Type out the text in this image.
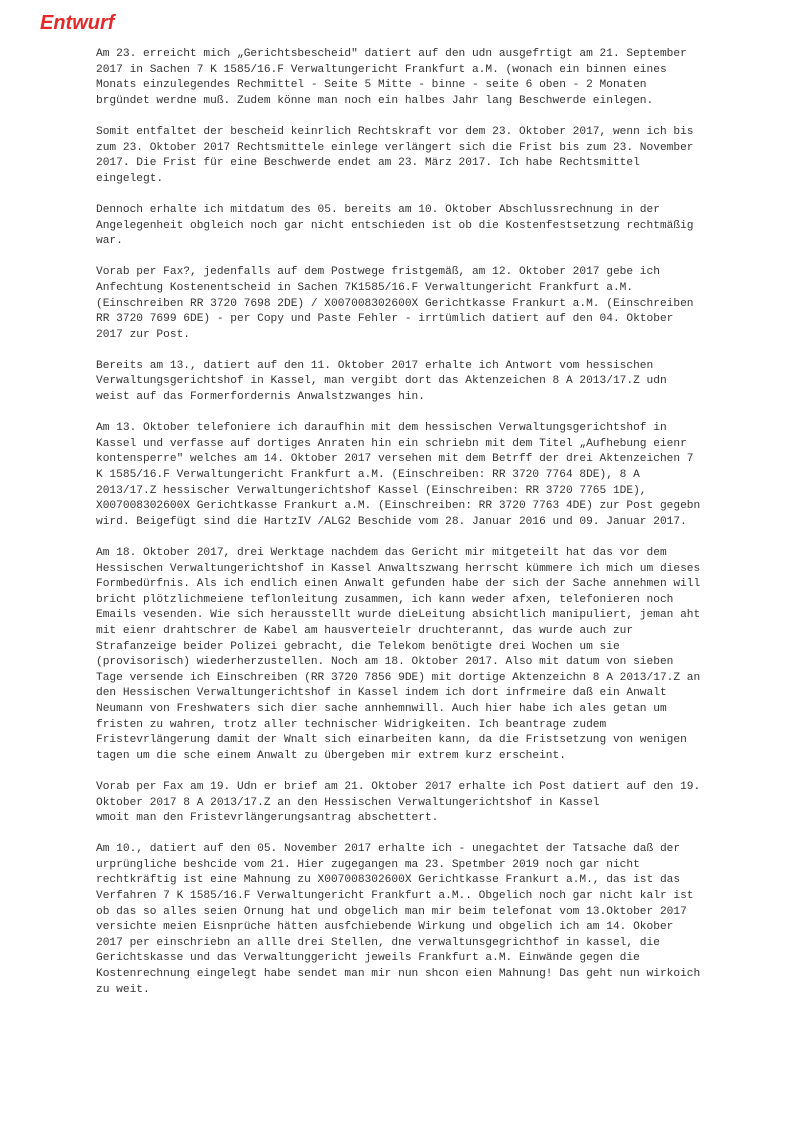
Entwurf

Am 23. erreicht mich „Gerichtsbescheid" datiert auf den udn ausgefrtigt am 21. September
2017 in Sachen 7 K 1585/16.F Verwaltungericht Frankfurt a.M. (wonach ein binnen eines
Monats einzulegendes Rechmittel - Seite 5 Mitte - binne - seite 6 oben - 2 Monaten
brgündet werdne muß. Zudem könne man noch ein halbes Jahr lang Beschwerde einlegen.

Somit entfaltet der bescheid keinrlich Rechtskraft vor dem 23. Oktober 2017, wenn ich bis
zum 23. Oktober 2017 Rechtsmittele einlege verlängert sich die Frist bis zum 23. November
2017. Die Frist für eine Beschwerde endet am 23. März 2017. Ich habe Rechtsmittel
eingelegt.

Dennoch erhalte ich mitdatum des 05. bereits am 10. Oktober Abschlussrechnung in der
Angelegenheit obgleich noch gar nicht entschieden ist ob die Kostenfestsetzung rechtmäßig
war.

Vorab per Fax?, jedenfalls auf dem Postwege fristgemäß, am 12. Oktober 2017 gebe ich
Anfechtung Kostenentscheid in Sachen 7K1585/16.F Verwaltungericht Frankfurt a.M.
(Einschreiben RR 3720 7698 2DE) / X007008302600X Gerichtkasse Frankurt a.M. (Einschreiben
RR 3720 7699 6DE) - per Copy und Paste Fehler - irrtümlich datiert auf den 04. Oktober
2017 zur Post.

Bereits am 13., datiert auf den 11. Oktober 2017 erhalte ich Antwort vom hessischen
Verwaltungsgerichtshof in Kassel, man vergibt dort das Aktenzeichen 8 A 2013/17.Z udn
weist auf das Formerfordernis Anwalstzwanges hin.

Am 13. Oktober telefoniere ich daraufhin mit dem hessischen Verwaltungsgerichtshof in
Kassel und verfasse auf dortiges Anraten hin ein schriebn mit dem Titel „Aufhebung eienr
kontensperre" welches am 14. Oktober 2017 versehen mit dem Betrff der drei Aktenzeichen 7
K 1585/16.F Verwaltungericht Frankfurt a.M. (Einschreiben: RR 3720 7764 8DE), 8 A
2013/17.Z hessischer Verwaltungerichtshof Kassel (Einschreiben: RR 3720 7765 1DE),
X007008302600X Gerichtkasse Frankurt a.M. (Einschreiben: RR 3720 7763 4DE) zur Post gegebn
wird. Beigefügt sind die HartzIV /ALG2 Beschide vom 28. Januar 2016 und 09. Januar 2017.

Am 18. Oktober 2017, drei Werktage nachdem das Gericht mir mitgeteilt hat das vor dem
Hessischen Verwaltungerichtshof in Kassel Anwaltszwang herrscht kümmere ich mich um dieses
Formbedürfnis. Als ich endlich einen Anwalt gefunden habe der sich der Sache annehmen will
bricht plötzlichmeiene teflonleitung zusammen, ich kann weder afxen, telefonieren noch
Emails vesenden. Wie sich herausstellt wurde dieLeitung absichtlich manipuliert, jeman aht
mit eienr drahtschrer de Kabel am hausverteielr druchterannt, das wurde auch zur
Strafanzeige beider Polizei gebracht, die Telekom benötigte drei Wochen um sie
(provisorisch) wiederherzustellen. Noch am 18. Oktober 2017. Also mit datum von sieben
Tage versende ich Einschreiben (RR 3720 7856 9DE) mit dortige Aktenzeichn 8 A 2013/17.Z an
den Hessischen Verwaltungerichtshof in Kassel indem ich dort infrmeire daß ein Anwalt
Neumann von Freshwaters sich dier sache annhemnwill. Auch hier habe ich ales getan um
fristen zu wahren, trotz aller technischer Widrigkeiten. Ich beantrage zudem
Fristevrlängerung damit der Wnalt sich einarbeiten kann, da die Fristsetzung von wenigen
tagen um die sche einem Anwalt zu übergeben mir extrem kurz erscheint.

Vorab per Fax am 19. Udn er brief am 21. Oktober 2017 erhalte ich Post datiert auf den 19.
Oktober 2017 8 A 2013/17.Z an den Hessischen Verwaltungerichtshof in Kassel
wmoit man den Fristevrlängerungsantrag abschettert.

Am 10., datiert auf den 05. November 2017 erhalte ich - unegachtet der Tatsache daß der
urprüngliche beshcide vom 21. Hier zugegangen ma 23. Spetmber 2019 noch gar nicht
rechtkräftig ist eine Mahnung zu X007008302600X Gerichtkasse Frankurt a.M., das ist das
Verfahren 7 K 1585/16.F Verwaltungericht Frankfurt a.M.. Obgelich noch gar nicht kalr ist
ob das so alles seien Ornung hat und obgelich man mir beim telefonat vom 13.Oktober 2017
versichte meien Eisnprüche hätten ausfchiebende Wirkung und obgelich ich am 14. Okober
2017 per einschriebn an allle drei Stellen, dne verwaltunsgegrichthof in kassel, die
Gerichtskasse und das Verwaltunggericht jeweils Frankfurt a.M. Einwände gegen die
Kostenrechnung eingelegt habe sendet man mir nun shcon eien Mahnung! Das geht nun wirkoich
zu weit.
